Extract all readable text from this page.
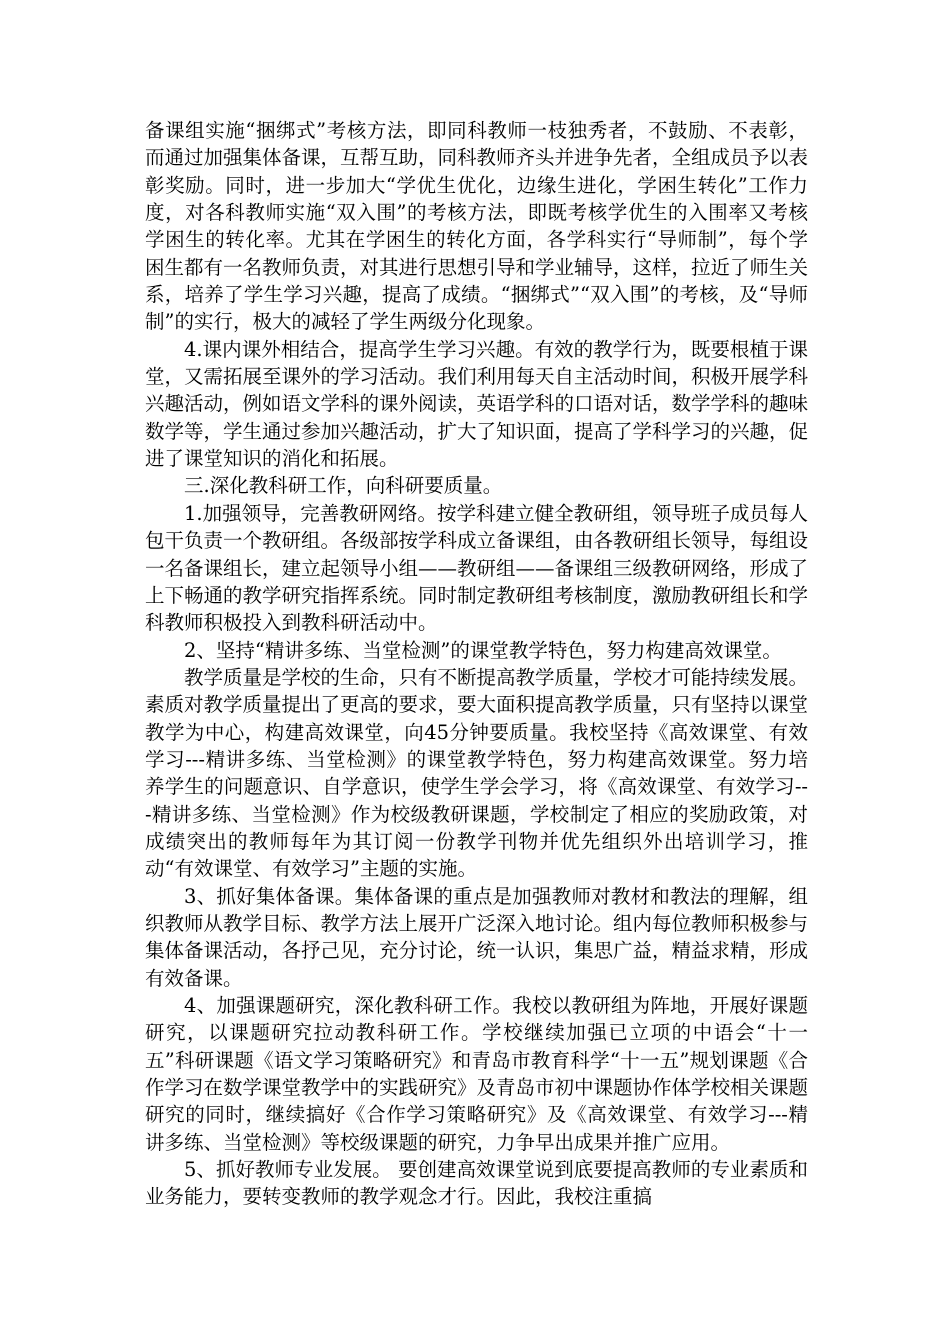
备课组实施“捆绑式”考核方法，即同科教师一枝独秀者，不鼓励、不表彰，而通过加强集体备课，互帮互助，同科教师齐头并进争先者，全组成员予以表彰奖励。同时，进一步加大“学优生优化，边缘生进化，学困生转化”工作力度，对各科教师实施“双入围”的考核方法，即既考核学优生的入围率又考核学困生的转化率。尤其在学困生的转化方面，各学科实行“导师制”，每个学困生都有一名教师负责，对其进行思想引导和学业辅导，这样，拉近了师生关系，培养了学生学习兴趣，提高了成绩。“捆绑式”“双入围”的考核，及“导师制”的实行，极大的减轻了学生两级分化现象。

4.课内课外相结合，提高学生学习兴趣。有效的教学行为，既要根植于课堂，又需拓展至课外的学习活动。我们利用每天自主活动时间，积极开展学科兴趣活动，例如语文学科的课外阅读，英语学科的口语对话，数学学科的趣味数学等，学生通过参加兴趣活动，扩大了知识面，提高了学科学习的兴趣，促进了课堂知识的消化和拓展。

三.深化教科研工作，向科研要质量。

1.加强领导，完善教研网络。按学科建立健全教研组，领导班子成员每人包干负责一个教研组。各级部按学科成立备课组，由各教研组长领导，每组设一名备课组长，建立起领导小组——教研组——备课组三级教研网络，形成了上下畅通的教学研究指挥系统。同时制定教研组考核制度，激励教研组长和学科教师积极投入到教科研活动中。

2、坚持“精讲多练、当堂检测”的课堂教学特色，努力构建高效课堂。

教学质量是学校的生命，只有不断提高教学质量，学校才可能持续发展。素质对教学质量提出了更高的要求，要大面积提高教学质量，只有坚持以课堂教学为中心，构建高效课堂，向45分钟要质量。我校坚持《高效课堂、有效学习---精讲多练、当堂检测》的课堂教学特色，努力构建高效课堂。努力培养学生的问题意识、自学意识，使学生学会学习，将《高效课堂、有效学习---精讲多练、当堂检测》作为校级教研课题，学校制定了相应的奖励政策，对成绩突出的教师每年为其订阅一份教学刊物并优先组织外出培训学习，推动“有效课堂、有效学习”主题的实施。

3、抓好集体备课。集体备课的重点是加强教师对教材和教法的理解，组织教师从教学目标、教学方法上展开广泛深入地讨论。组内每位教师积极参与集体备课活动，各抒己见，充分讨论，统一认识，集思广益，精益求精，形成有效备课。

4、加强课题研究，深化教科研工作。我校以教研组为阵地，开展好课题研究，以课题研究拉动教科研工作。学校继续加强已立项的中语会“十一五”科研课题《语文学习策略研究》和青岛市教育科学“十一五”规划课题《合作学习在数学课堂教学中的实践研究》及青岛市初中课题协作体学校相关课题研究的同时，继续搞好《合作学习策略研究》及《高效课堂、有效学习---精讲多练、当堂检测》等校级课题的研究，力争早出成果并推广应用。

5、抓好教师专业发展。 要创建高效课堂说到底要提高教师的专业素质和业务能力，要转变教师的教学观念才行。因此，我校注重搞
